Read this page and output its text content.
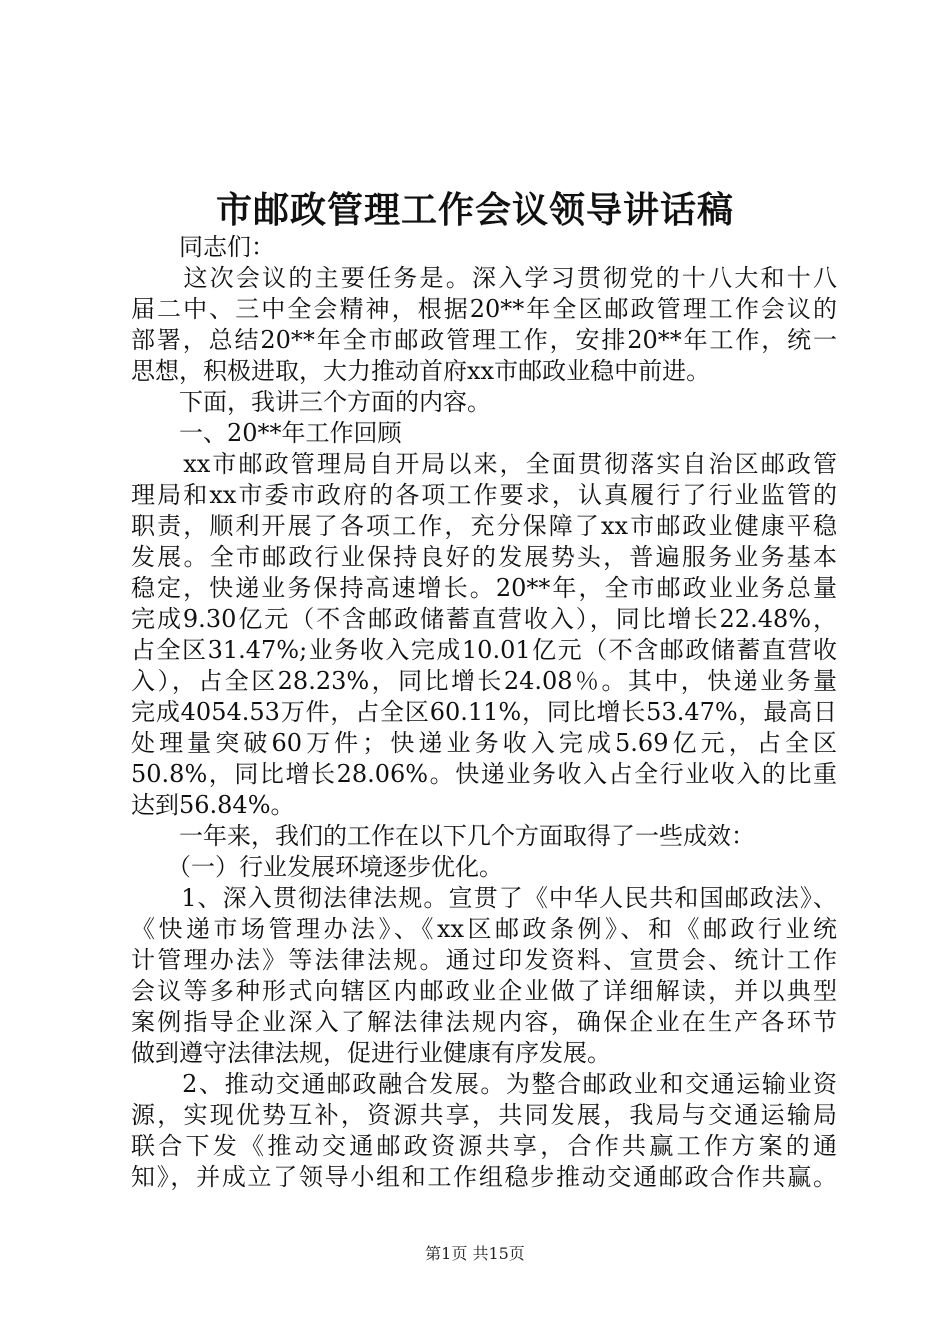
市邮政管理工作会议领导讲话稿
　　同志们：
　　这次会议的主要任务是。深入学习贯彻党的十八大和十八
届二中、三中全会精神，根据20**年全区邮政管理工作会议的
部署，总结20**年全市邮政管理工作，安排20**年工作，统一
思想，积极进取，大力推动首府xx市邮政业稳中前进。
　　下面，我讲三个方面的内容。
　　一、20**年工作回顾
　　xx市邮政管理局自开局以来，全面贯彻落实自治区邮政管
理局和xx市委市政府的各项工作要求，认真履行了行业监管的
职责，顺利开展了各项工作，充分保障了xx市邮政业健康平稳
发展。全市邮政行业保持良好的发展势头，普遍服务业务基本
稳定，快递业务保持高速增长。20**年，全市邮政业业务总量
完成9.30亿元（不含邮政储蓄直营收入），同比增长22.48%，
占全区31.47%;业务收入完成10.01亿元（不含邮政储蓄直营收
入），占全区28.23%，同比增长24.08％。其中，快递业务量
完成4054.53万件，占全区60.11%，同比增长53.47%，最高日
处理量突破60万件；快递业务收入完成5.69亿元，占全区
50.8%，同比增长28.06%。快递业务收入占全行业收入的比重
达到56.84%。
　　一年来，我们的工作在以下几个方面取得了一些成效：
　　（一）行业发展环境逐步优化。
　　1、深入贯彻法律法规。宣贯了《中华人民共和国邮政法》、
《快递市场管理办法》、《xx区邮政条例》、和《邮政行业统
计管理办法》等法律法规。通过印发资料、宣贯会、统计工作
会议等多种形式向辖区内邮政业企业做了详细解读，并以典型
案例指导企业深入了解法律法规内容，确保企业在生产各环节
做到遵守法律法规，促进行业健康有序发展。
　　2、推动交通邮政融合发展。为整合邮政业和交通运输业资
源，实现优势互补，资源共享，共同发展，我局与交通运输局
联合下发《推动交通邮政资源共享，合作共赢工作方案的通
知》，并成立了领导小组和工作组稳步推动交通邮政合作共赢。
第1页 共15页
